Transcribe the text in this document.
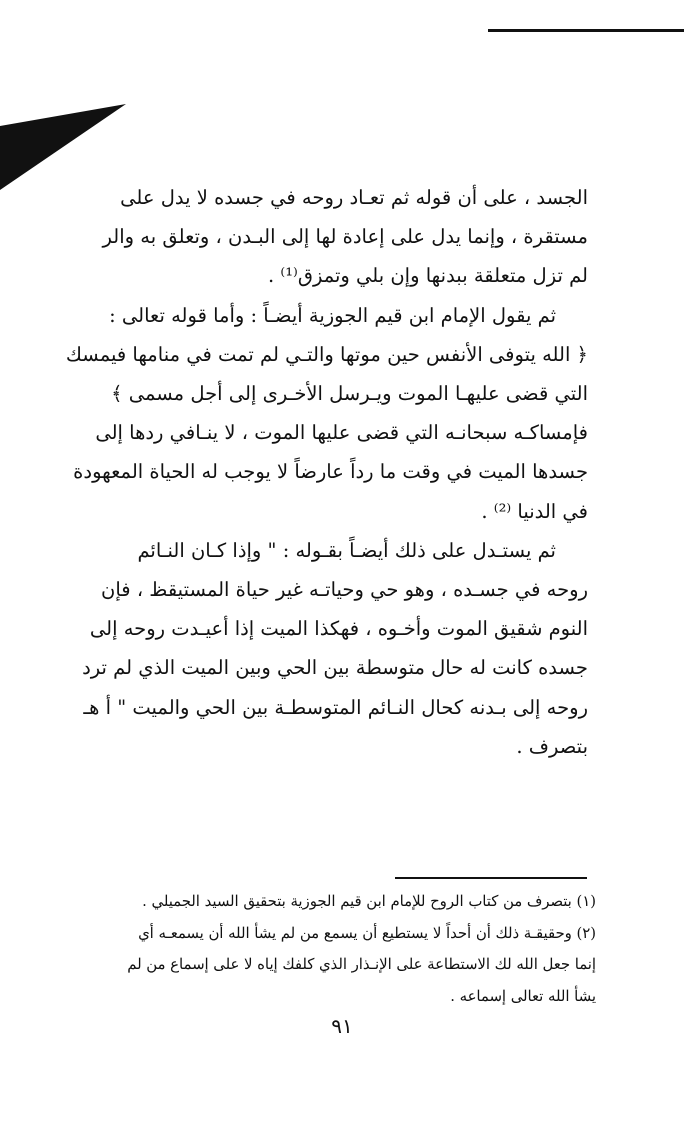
الجسد ، على أن قوله ثم تعـاد روحه في جسده لا يدل على
مستقرة ، وإنما يدل على إعادة لها إلى البـدن ، وتعلق به والر
لم تزل متعلقة ببدنها وإن بلي وتمزق⁽¹⁾ .

ثم يقول الإمام ابن قيم الجوزية أيضـاً : وأما قوله تعالى :

﴿ الله يتوفى الأنفس حين موتها والتـي لم تمت في منامها فيمسك
التي قضى عليهـا الموت ويـرسل الأخـرى إلى أجل مسمى ﴾
فإمساكـه سبحانـه التي قضى عليها الموت ، لا ينـافي ردها إلى
جسدها الميت في وقت ما رداً عارضاً لا يوجب له الحياة المعهودة
في الدنيا ⁽²⁾ .

ثم يستـدل على ذلك أيضـاً بقـوله : " وإذا كـان النـائم

روحه في جسـده ، وهو حي وحياتـه غير حياة المستيقظ ، فإن
النوم شقيق الموت وأخـوه ، فهكذا الميت إذا أعيـدت روحه إلى
جسده كانت له حال متوسطة بين الحي وبين الميت الذي لم ترد
روحه إلى بـدنه كحال النـائم المتوسطـة بين الحي والميت " أ هـ
بتصرف .

(١) بتصرف من كتاب الروح للإمام ابن قيم الجوزية بتحقيق السيد الجميلي .
(٢) وحقيقـة ذلك أن أحداً لا يستطيع أن يسمع من لم يشأ الله أن يسمعـه أي
إنما جعل الله لك الاستطاعة على الإنـذار الذي كلفك إياه لا على إسماع من لم
يشأ الله تعالى إسماعه .
٩١
